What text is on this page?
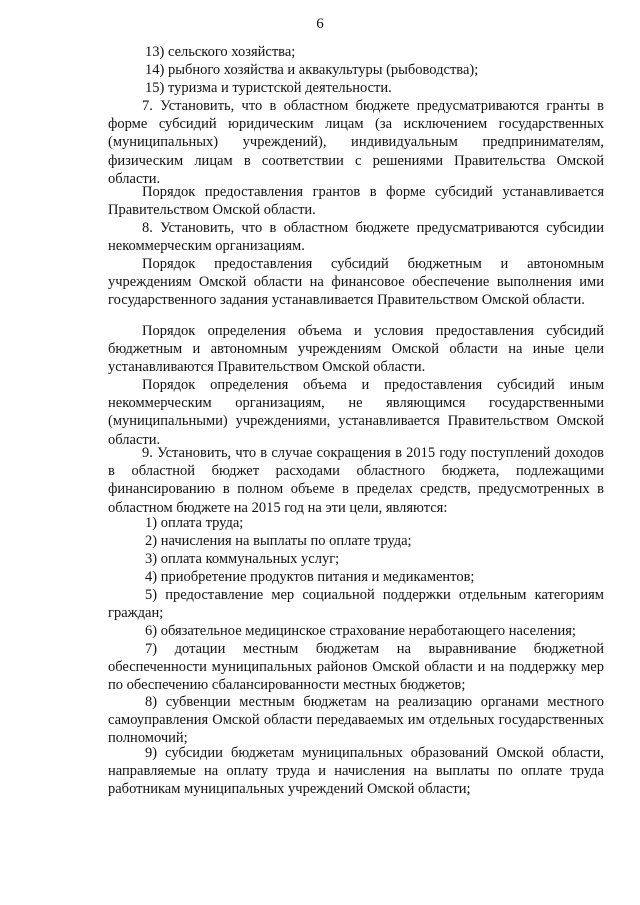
6

13) сельского хозяйства;

14) рыбного хозяйства и аквакультуры (рыбоводства);

15) туризма и туристской деятельности.

7. Установить, что в областном бюджете предусматриваются гранты в форме субсидий юридическим лицам (за исключением государственных (муниципальных) учреждений), индивидуальным предпринимателям, физическим лицам в соответствии с решениями Правительства Омской области.

Порядок предоставления грантов в форме субсидий устанавливается Правительством Омской области.

8. Установить, что в областном бюджете предусматриваются субсидии некоммерческим организациям.

Порядок предоставления субсидий бюджетным и автономным учреждениям Омской области на финансовое обеспечение выполнения ими государственного задания устанавливается Правительством Омской области.

Порядок определения объема и условия предоставления субсидий бюджетным и автономным учреждениям Омской области на иные цели устанавливаются Правительством Омской области.

Порядок определения объема и предоставления субсидий иным некоммерческим организациям, не являющимся государственными (муниципальными) учреждениями, устанавливается Правительством Омской области.

9. Установить, что в случае сокращения в 2015 году поступлений доходов в областной бюджет расходами областного бюджета, подлежащими финансированию в полном объеме в пределах средств, предусмотренных в областном бюджете на 2015 год на эти цели, являются:

1) оплата труда;

2) начисления на выплаты по оплате труда;

3) оплата коммунальных услуг;

4) приобретение продуктов питания и медикаментов;

5) предоставление мер социальной поддержки отдельным категориям граждан;

6) обязательное медицинское страхование неработающего населения;

7) дотации местным бюджетам на выравнивание бюджетной обеспеченности муниципальных районов Омской области и на поддержку мер по обеспечению сбалансированности местных бюджетов;

8) субвенции местным бюджетам на реализацию органами местного самоуправления Омской области передаваемых им отдельных государственных полномочий;

9) субсидии бюджетам муниципальных образований Омской области, направляемые на оплату труда и начисления на выплаты по оплате труда работникам муниципальных учреждений Омской области;
